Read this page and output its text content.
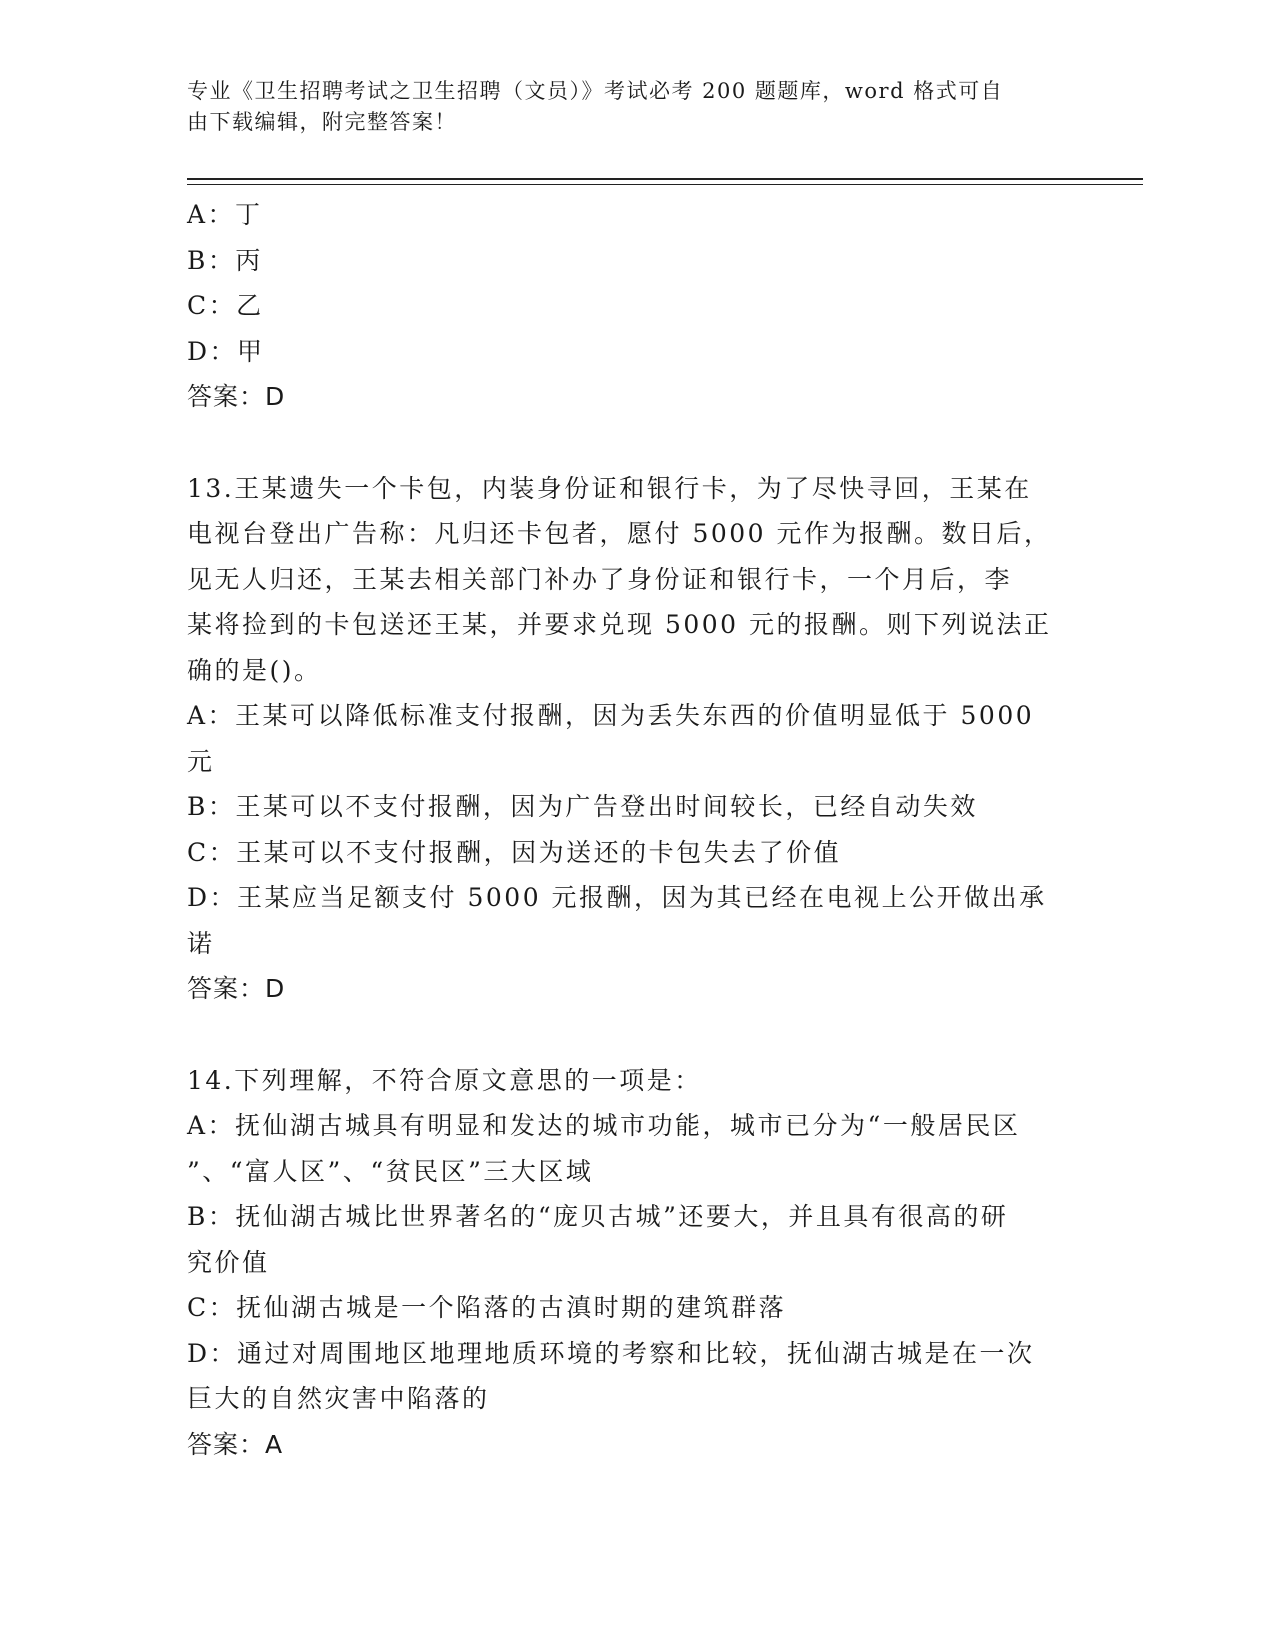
专业《卫生招聘考试之卫生招聘（文员）》考试必考 200 题题库，word 格式可自
由下载编辑，附完整答案！
A：丁
B：丙
C：乙
D：甲
答案：D
13.王某遗失一个卡包，内装身份证和银行卡，为了尽快寻回，王某在
电视台登出广告称：凡归还卡包者，愿付 5000 元作为报酬。数日后，
见无人归还，王某去相关部门补办了身份证和银行卡，一个月后，李
某将捡到的卡包送还王某，并要求兑现 5000 元的报酬。则下列说法正
确的是()。
A：王某可以降低标准支付报酬，因为丢失东西的价值明显低于 5000
元
B：王某可以不支付报酬，因为广告登出时间较长，已经自动失效
C：王某可以不支付报酬，因为送还的卡包失去了价值
D：王某应当足额支付 5000 元报酬，因为其已经在电视上公开做出承
诺
答案：D
14.下列理解，不符合原文意思的一项是：
A：抚仙湖古城具有明显和发达的城市功能，城市已分为“一般居民区
”、“富人区”、“贫民区”三大区域
B：抚仙湖古城比世界著名的“庞贝古城”还要大，并且具有很高的研
究价值
C：抚仙湖古城是一个陷落的古滇时期的建筑群落
D：通过对周围地区地理地质环境的考察和比较，抚仙湖古城是在一次
巨大的自然灾害中陷落的
答案：A
